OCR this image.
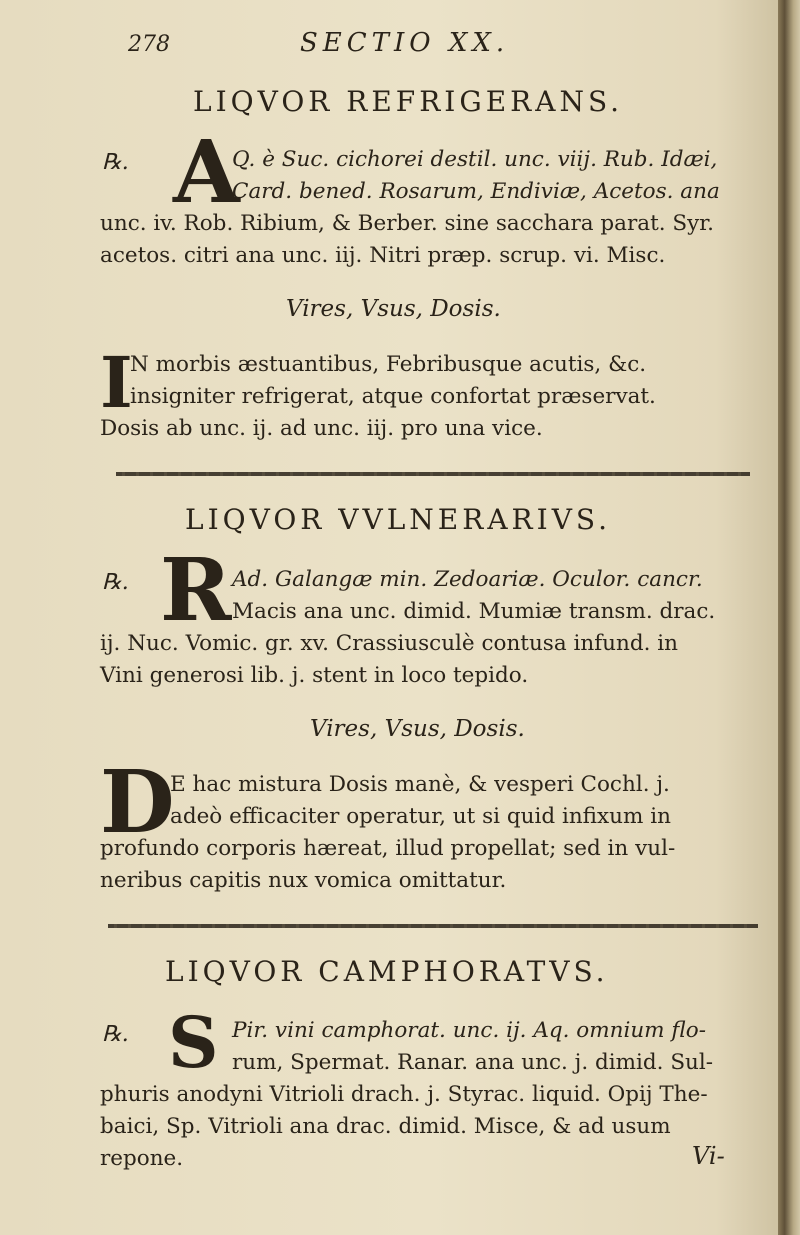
278	SECTIO XX.
LIQVOR REFRIGERANS.
℞. A
Q. è Suc. cichorei destil. unc. viij. Rub. Idæi,
Card. bened. Rosarum, Endiviæ, Acetos. ana
unc. iv. Rob. Ribium, & Berber. sine sacchara parat. Syr.
acetos. citri ana unc. iij. Nitri præp. scrup. vi. Misc.
Vires, Vsus, Dosis.
I
N morbis æstuantibus, Febribusque acutis, &c.
insigniter refrigerat, atque confortat præservat.
Dosis ab unc. ij. ad unc. iij. pro una vice.
LIQVOR VVLNERARIVS.
℞. R Ad. Galangæ min. Zedoariæ. Oculor. cancr.
Macis ana unc. dimid. Mumiæ transm. drac.
ij. Nuc. Vomic. gr. xv. Crassiusculè contusa infund. in
Vini generosi lib. j. stent in loco tepido.
Vires, Vsus, Dosis.
D
E hac mistura Dosis manè, & vesperi Cochl. j.
adeò efficaciter operatur, ut si quid infixum in
profundo corporis hæreat, illud propellat; sed in vul-
neribus capitis nux vomica omittatur.
LIQVOR CAMPHORATVS.
℞. S Pir. vini camphorat. unc. ij. Aq. omnium flo-
rum, Spermat. Ranar. ana unc. j. dimid. Sul-
phuris anodyni Vitrioli drach. j. Styrac. liquid. Opij The-
baici, Sp. Vitrioli ana drac. dimid. Misce, & ad usum
repone.	Vi-
